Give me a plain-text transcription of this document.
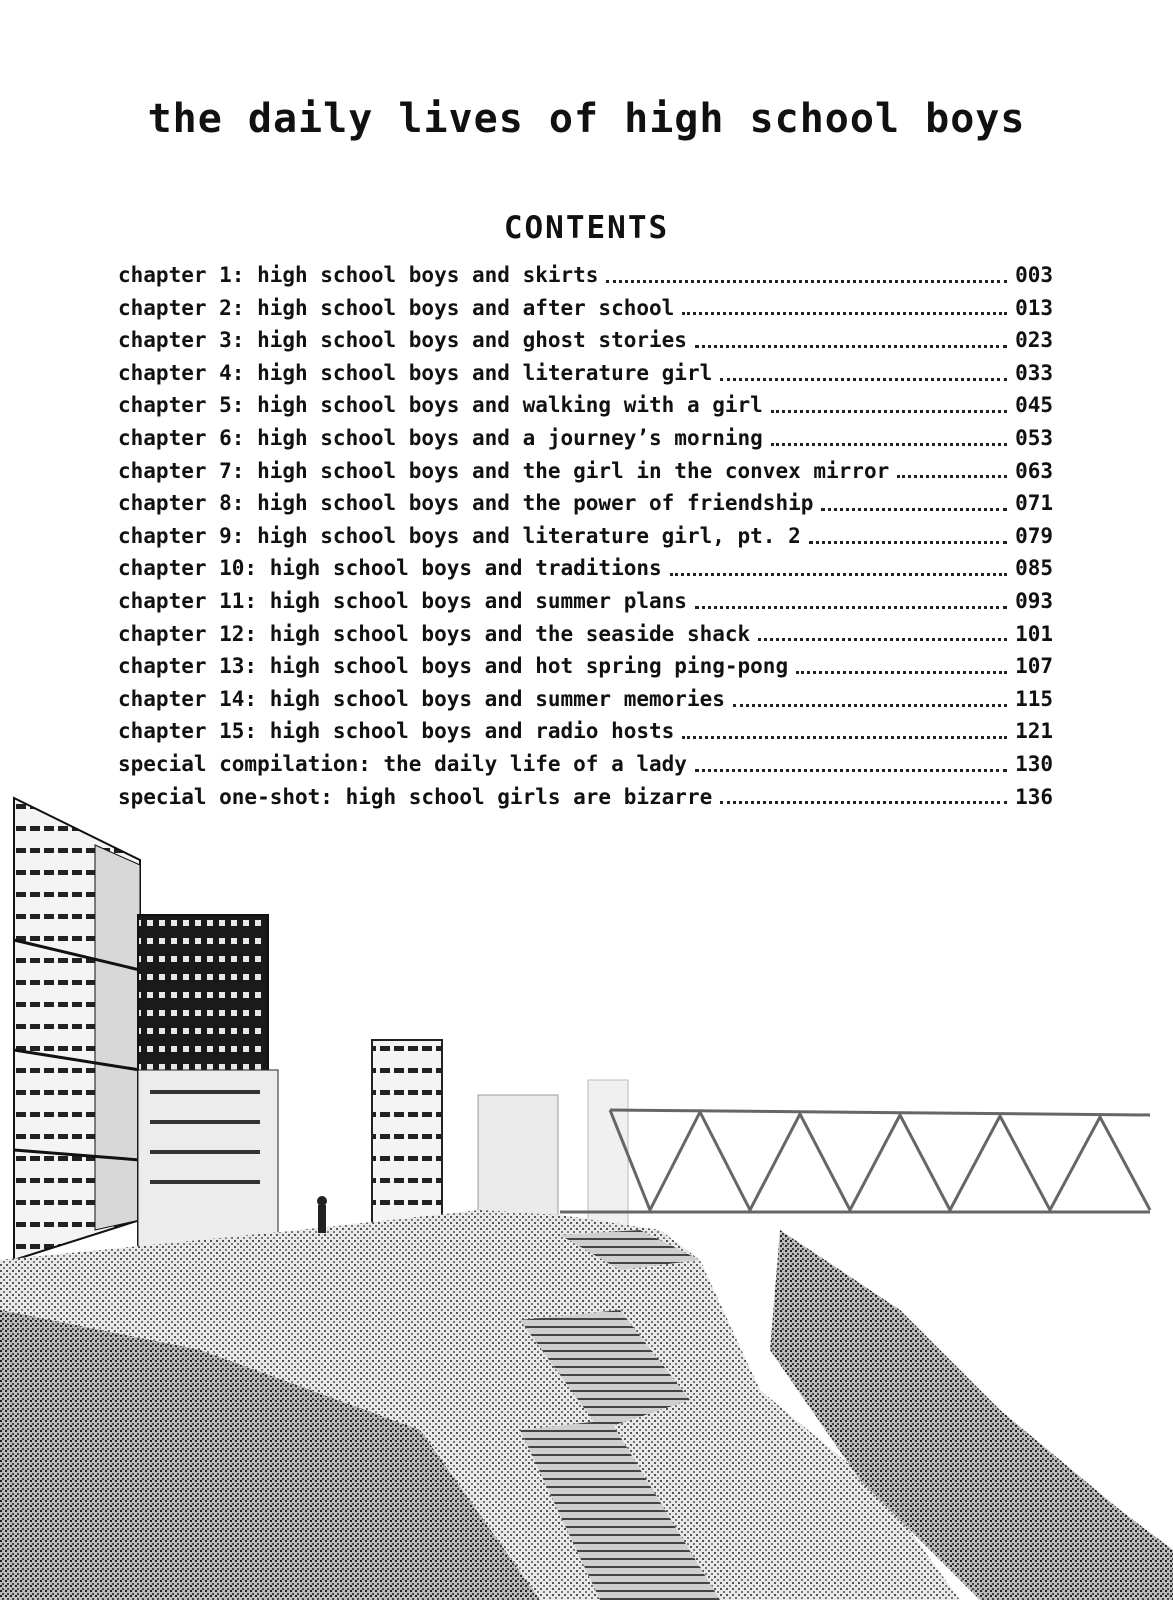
the daily lives of high school boys
CONTENTS
chapter 1: high school boys and skirts	003
chapter 2: high school boys and after school	013
chapter 3: high school boys and ghost stories	023
chapter 4: high school boys and literature girl	033
chapter 5: high school boys and walking with a girl	045
chapter 6: high school boys and a journey’s morning	053
chapter 7: high school boys and the girl in the convex mirror	063
chapter 8: high school boys and the power of friendship	071
chapter 9: high school boys and literature girl, pt. 2	079
chapter 10: high school boys and traditions	085
chapter 11: high school boys and summer plans	093
chapter 12: high school boys and the seaside shack	101
chapter 13: high school boys and hot spring ping-pong	107
chapter 14: high school boys and summer memories	115
chapter 15: high school boys and radio hosts	121
special compilation: the daily life of a lady	130
special one-shot: high school girls are bizarre	136
